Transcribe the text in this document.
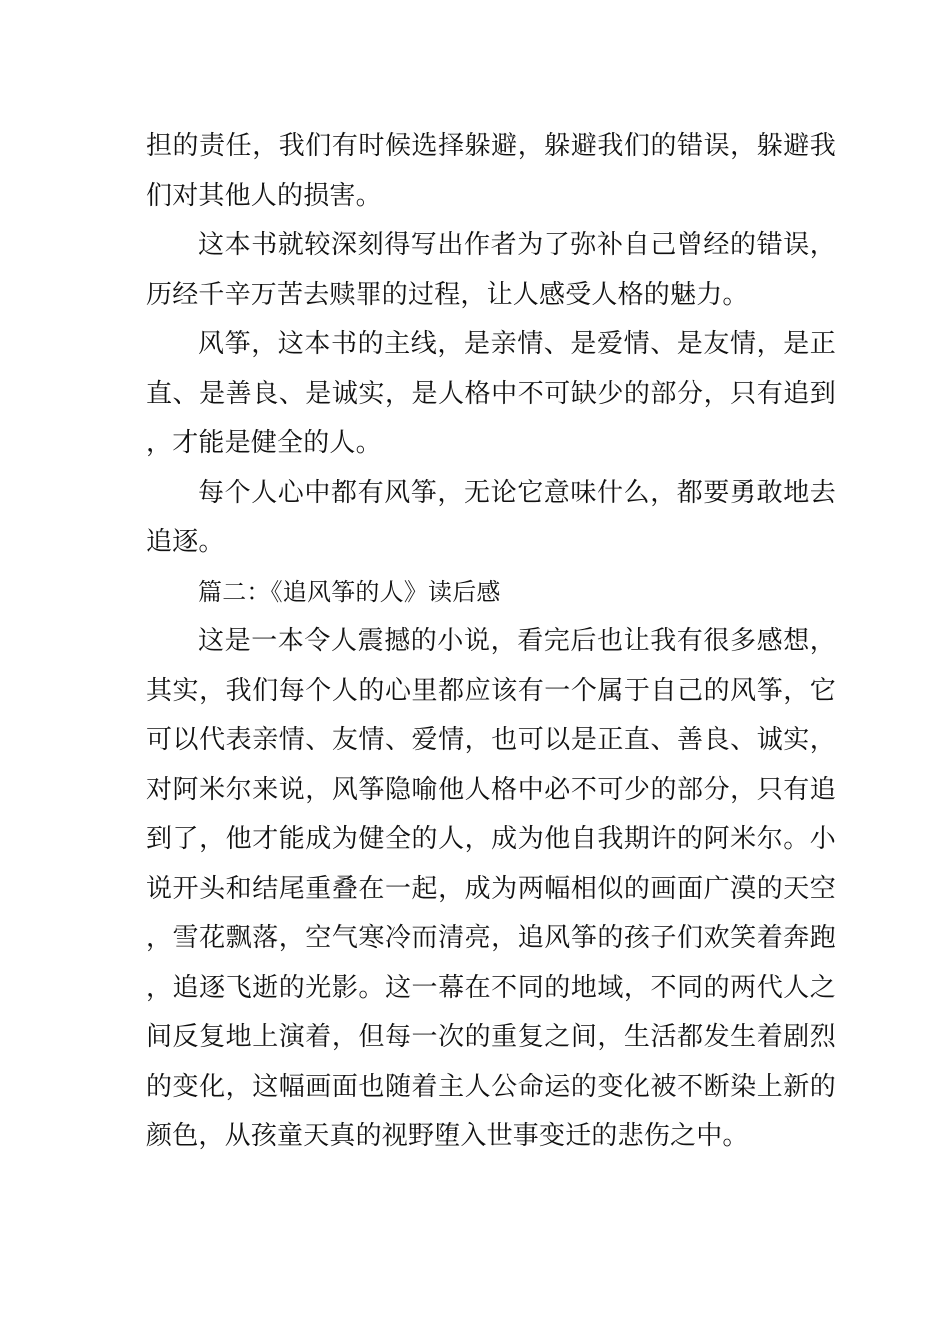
担的责任，我们有时候选择躲避，躲避我们的错误，躲避我们对其他人的损害。

这本书就较深刻得写出作者为了弥补自己曾经的错误，历经千辛万苦去赎罪的过程，让人感受人格的魅力。

风筝，这本书的主线，是亲情、是爱情、是友情，是正直、是善良、是诚实，是人格中不可缺少的部分，只有追到，才能是健全的人。

每个人心中都有风筝，无论它意味什么，都要勇敢地去追逐。

篇二：《追风筝的人》读后感

这是一本令人震撼的小说，看完后也让我有很多感想，其实，我们每个人的心里都应该有一个属于自己的风筝，它可以代表亲情、友情、爱情，也可以是正直、善良、诚实，对阿米尔来说，风筝隐喻他人格中必不可少的部分，只有追到了，他才能成为健全的人，成为他自我期许的阿米尔。小说开头和结尾重叠在一起，成为两幅相似的画面广漠的天空，雪花飘落，空气寒冷而清亮，追风筝的孩子们欢笑着奔跑，追逐飞逝的光影。这一幕在不同的地域，不同的两代人之间反复地上演着，但每一次的重复之间，生活都发生着剧烈的变化，这幅画面也随着主人公命运的变化被不断染上新的颜色，从孩童天真的视野堕入世事变迁的悲伤之中。
